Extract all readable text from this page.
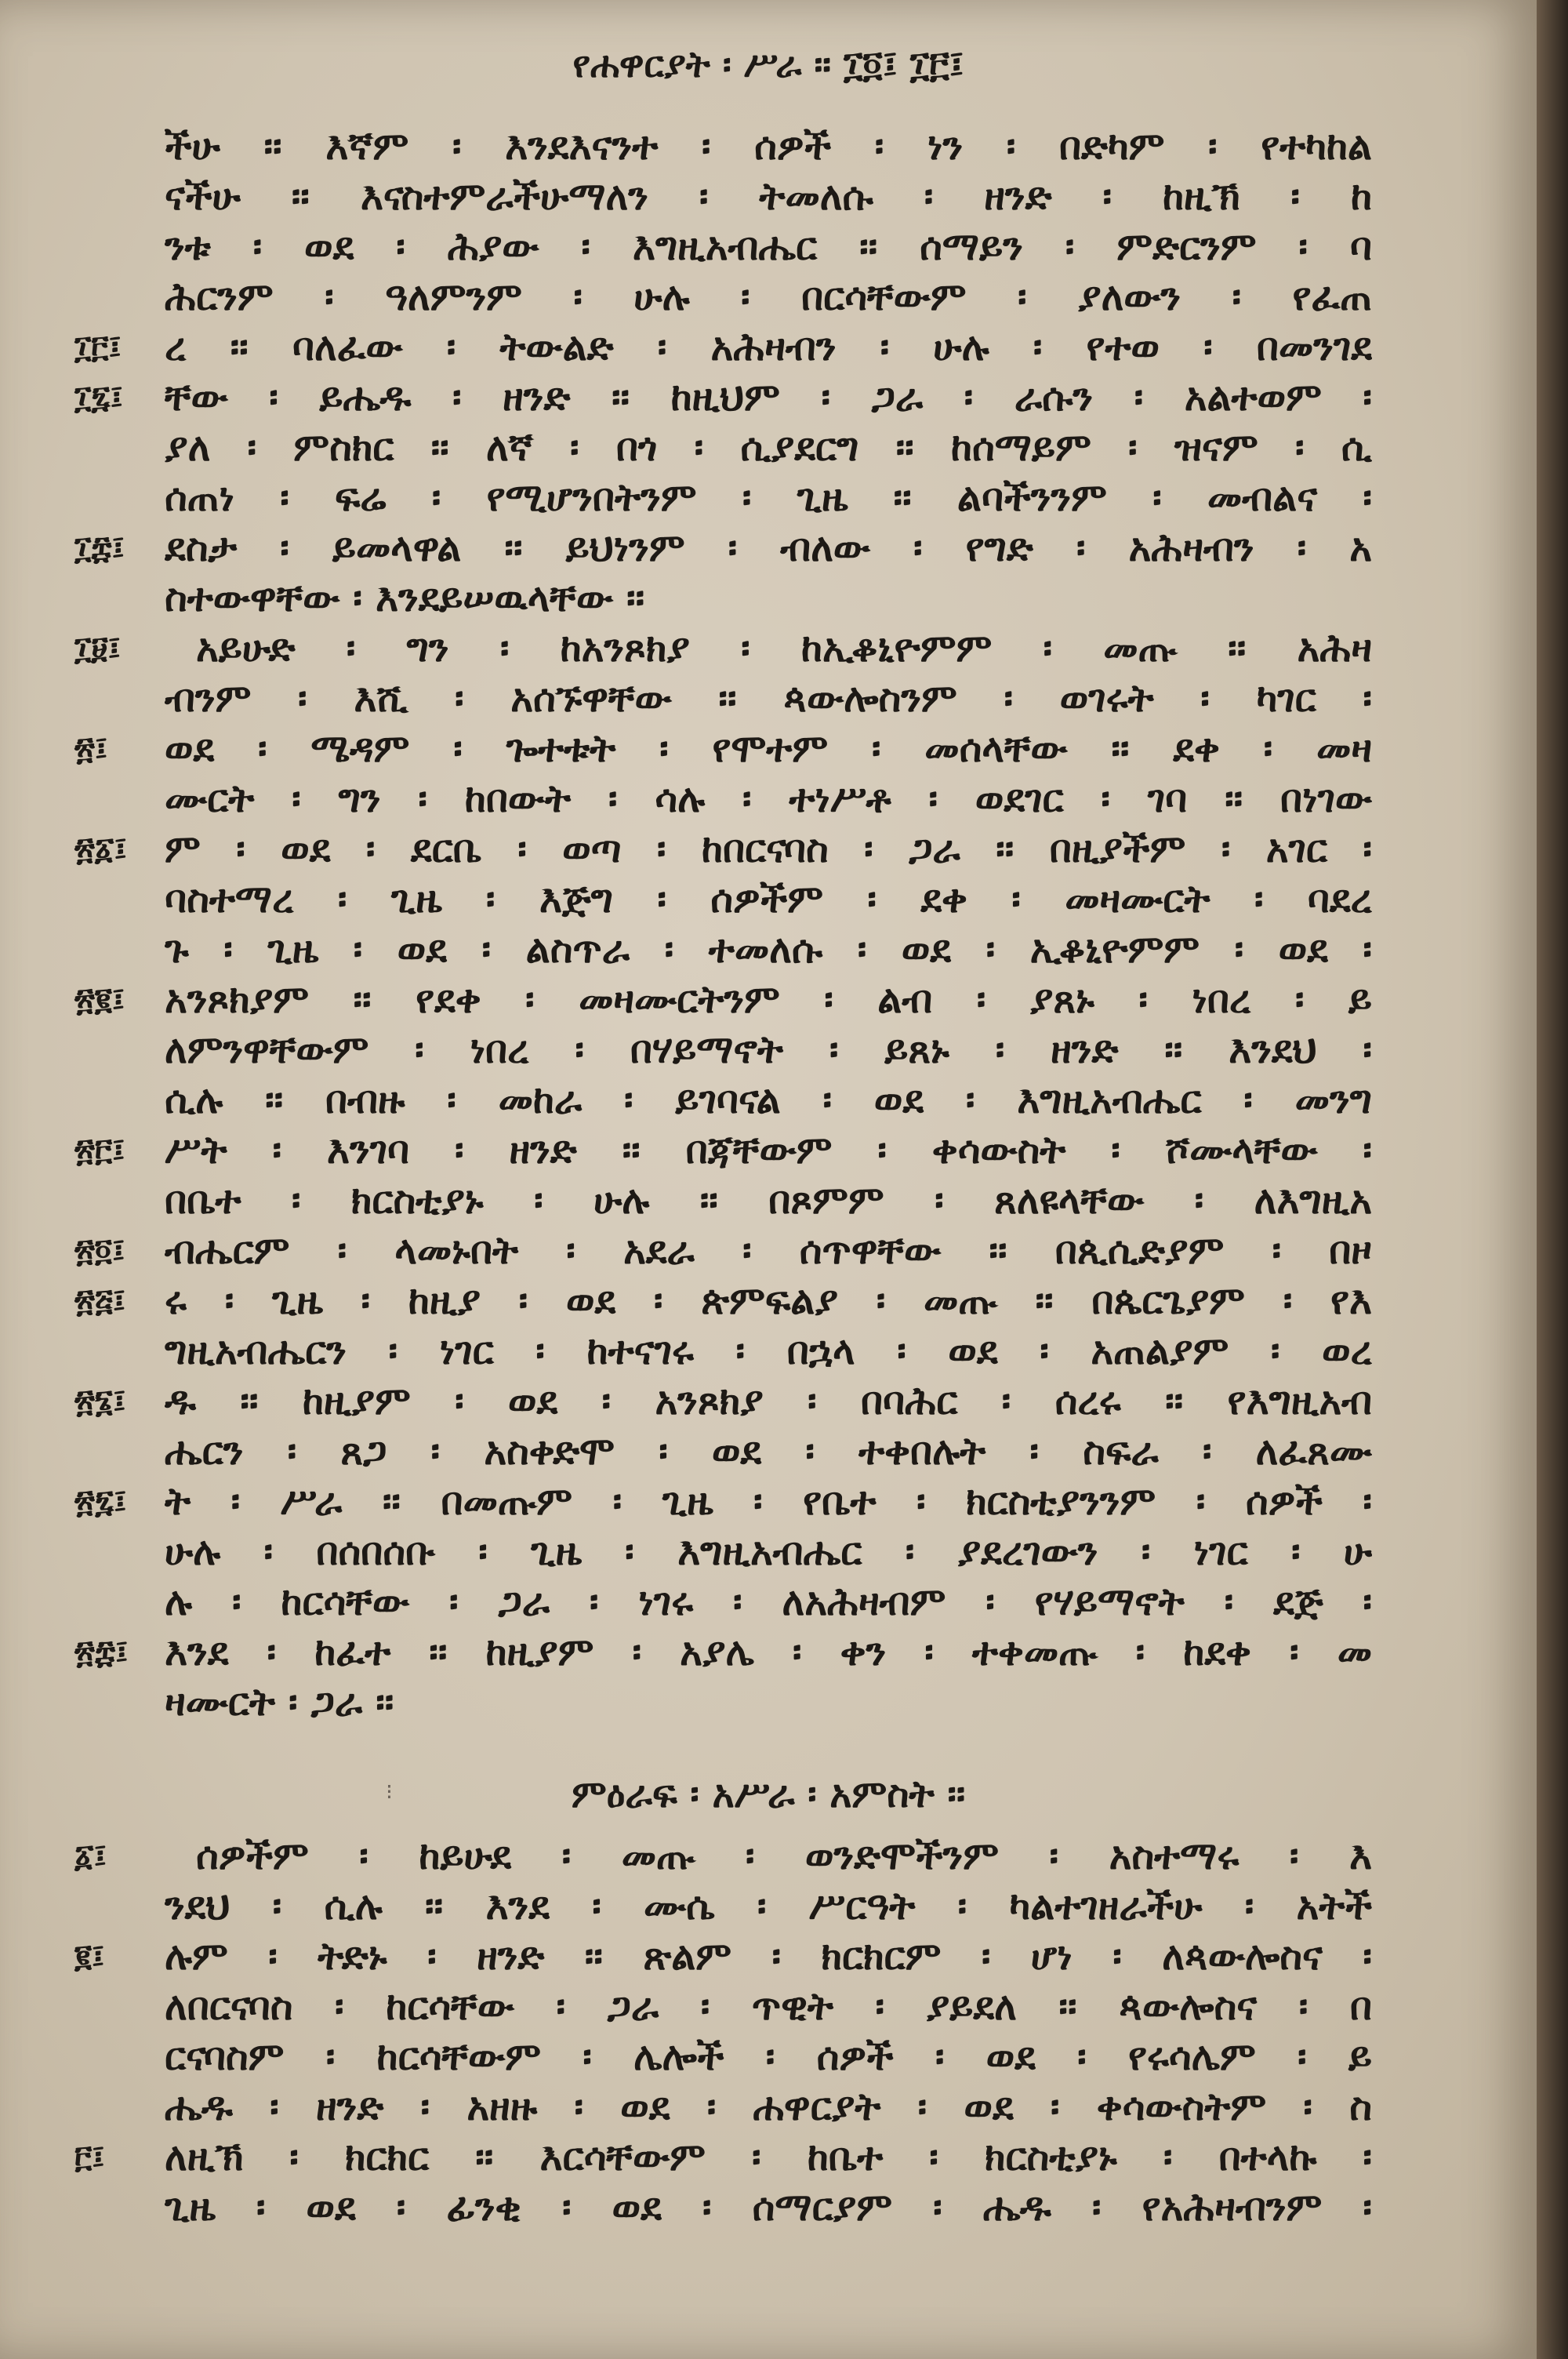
የሐዋርያት ፡ ሥራ ። ፲፬፤ ፲፫፤
ችሁ ፡፡ እኛም ፡ እንደእናንተ ፡ ሰዎች ፡ ነን ፡ በድካም ፡ የተካከል
ናችሁ ፡፡ እናስተምራችሁማለን ፡ ትመለሱ ፡ ዘንድ ፡ ከዚኽ ፡ ከ
ንቱ ፡ ወደ ፡ ሕያው ፡ እግዚአብሔር ፡፡ ሰማይን ፡ ምድርንም ፡ ባ
ሕርንም ፡ ዓለምንም ፡ ሁሉ ፡ በርሳቸውም ፡ ያለውን ፡ የፈጠ
ረ ፡፡ ባለፈው ፡ ትውልድ ፡ አሕዛብን ፡ ሁሉ ፡ የተወ ፡ በመንገደ
ቸው ፡ ይሔዱ ፡ ዘንድ ፡፡ ከዚህም ፡ ጋራ ፡ ራሱን ፡ አልተወም ፡
ያለ ፡ ምስክር ፡፡ ለኛ ፡ በጎ ፡ ሲያደርግ ፡፡ ከሰማይም ፡ ዝናም ፡ ሲ
ሰጠነ ፡ ፍሬ ፡ የሚሆንበትንም ፡ ጊዜ ፡፡ ልባችንንም ፡ መብልና ፡
ደስታ ፡ ይመላዋል ፡፡ ይህነንም ፡ ብለው ፡ የግድ ፡ አሕዛብን ፡ አ
ስተውዋቸው ፡ እንደይሠዉላቸው ፡፡
አይሁድ ፡ ግን ፡ ከአንጾክያ ፡ ከኢቆኒዮምም ፡ መጡ ፡፡ አሕዛ
ብንም ፡ እሺ ፡ አሰኙዋቸው ፡፡ ጳውሎስንም ፡ ወገሩት ፡ ካገር ፡
ወደ ፡ ሜዳም ፡ ጐተቱት ፡ የሞተም ፡ መሰላቸው ፡፡ ደቀ ፡ መዛ
ሙርት ፡ ግን ፡ ከበውት ፡ ሳሉ ፡ ተነሥቶ ፡ ወደገር ፡ ገባ ፡፡ በነገው
ም ፡ ወደ ፡ ደርቤ ፡ ወጣ ፡ ከበርናባስ ፡ ጋራ ፡፡ በዚያችም ፡ አገር ፡
ባስተማረ ፡ ጊዜ ፡ እጅግ ፡ ሰዎችም ፡ ደቀ ፡ መዛሙርት ፡ ባደረ
ጉ ፡ ጊዜ ፡ ወደ ፡ ልስጥራ ፡ ተመለሱ ፡ ወደ ፡ ኢቆኒዮምም ፡ ወደ ፡
አንጾክያም ፡፡ የደቀ ፡ መዛሙርትንም ፡ ልብ ፡ ያጸኑ ፡ ነበረ ፡ ይ
ለምንዋቸውም ፡ ነበረ ፡ በሃይማኖት ፡ ይጸኑ ፡ ዘንድ ፡፡ እንደህ ፡
ሲሉ ፡፡ በብዙ ፡ መከራ ፡ ይገባናል ፡ ወደ ፡ እግዚአብሔር ፡ መንግ
ሥት ፡ እንገባ ፡ ዘንድ ፡፡ በጃቸውም ፡ ቀሳውስት ፡ ሾሙላቸው ፡
በቤተ ፡ ክርስቲያኑ ፡ ሁሉ ፡፡ በጾምም ፡ ጸለዩላቸው ፡ ለእግዚአ
ብሔርም ፡ ላመኑበት ፡ አደራ ፡ ሰጥዋቸው ፡፡ በጲሲድያም ፡ በዞ
ሩ ፡ ጊዜ ፡ ከዚያ ፡ ወደ ፡ ጵምፍልያ ፡ መጡ ፡፡ በጴርጌያም ፡ የእ
ግዚአብሔርን ፡ ነገር ፡ ከተናገሩ ፡ በኋላ ፡ ወደ ፡ አጠልያም ፡ ወረ
ዱ ፡፡ ከዚያም ፡ ወደ ፡ አንጾክያ ፡ በባሕር ፡ ሰረሩ ፡፡ የእግዚአብ
ሔርን ፡ ጸጋ ፡ አስቀድሞ ፡ ወደ ፡ ተቀበሉት ፡ ስፍራ ፡ ለፈጸሙ
ት ፡ ሥራ ፡፡ በመጡም ፡ ጊዜ ፡ የቤተ ፡ ክርስቲያንንም ፡ ሰዎች ፡
ሁሉ ፡ በሰበሰቡ ፡ ጊዜ ፡ እግዚአብሔር ፡ ያደረገውን ፡ ነገር ፡ ሁ
ሉ ፡ ከርሳቸው ፡ ጋራ ፡ ነገሩ ፡ ለአሕዛብም ፡ የሃይማኖት ፡ ደጅ ፡
እንደ ፡ ከፈተ ፡፡ ከዚያም ፡ አያሌ ፡ ቀን ፡ ተቀመጡ ፡ ከደቀ ፡ መ
ዛሙርት ፡ ጋራ ፡፡
⁝	ምዕራፍ ፡ አሥራ ፡ አምስት ፡፡
ሰዎችም ፡ ከይሁደ ፡ መጡ ፡ ወንድሞችንም ፡ አስተማሩ ፡ እ
ንደህ ፡ ሲሉ ፡፡ እንደ ፡ ሙሴ ፡ ሥርዓት ፡ ካልተገዘራችሁ ፡ አትች
ሉም ፡ ትድኑ ፡ ዘንድ ፡፡ ጽልም ፡ ክርክርም ፡ ሆነ ፡ ለጳውሎስና ፡
ለበርናባስ ፡ ከርሳቸው ፡ ጋራ ፡ ጥዊት ፡ ያይደለ ፡፡ ጳውሎስና ፡ በ
ርናባስም ፡ ከርሳቸውም ፡ ሌሎች ፡ ሰዎች ፡ ወደ ፡ የሩሳሌም ፡ ይ
ሔዱ ፡ ዘንድ ፡ አዘዙ ፡ ወደ ፡ ሐዋርያት ፡ ወደ ፡ ቀሳውስትም ፡ ስ
ለዚኽ ፡ ክርክር ፡፡ እርሳቸውም ፡ ከቤተ ፡ ክርስቲያኑ ፡ በተላኩ ፡
ጊዜ ፡ ወደ ፡ ፊንቂ ፡ ወደ ፡ ሰማርያም ፡ ሔዱ ፡ የአሕዛብንም ፡
፲፫፤
፲፯፤
፲፰፤
፲፱፤
፳፤
፳፩፤
፳፪፤
፳፫፤
፳፬፤
፳፭፤
፳፮፤
፳፯፤
፳፰፤
፩፤
፪፤
፫፤
